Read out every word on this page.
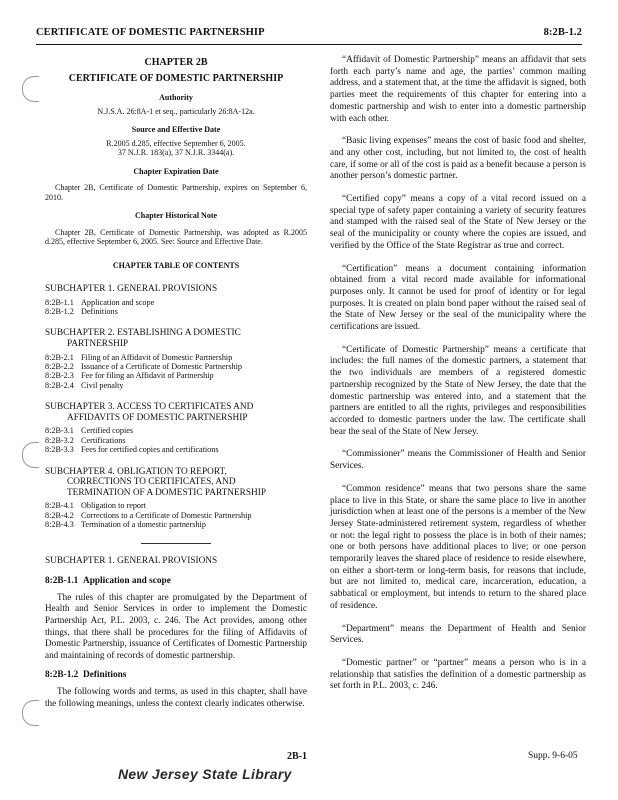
CERTIFICATE OF DOMESTIC PARTNERSHIP	8:2B-1.2
CHAPTER 2B
CERTIFICATE OF DOMESTIC PARTNERSHIP
Authority
N.J.S.A. 26:8A-1 et seq., particularly 26:8A-12a.
Source and Effective Date
R.2005 d.285, effective September 6, 2005.
37 N.J.R. 183(a), 37 N.J.R. 3344(a).
Chapter Expiration Date
Chapter 2B, Certificate of Domestic Partnership, expires on September 6, 2010.
Chapter Historical Note
Chapter 2B, Certificate of Domestic Partnership, was adopted as R.2005 d.285, effective September 6, 2005. See: Source and Effective Date.
CHAPTER TABLE OF CONTENTS
SUBCHAPTER 1. GENERAL PROVISIONS
8:2B-1.1 Application and scope
8:2B-1.2 Definitions
SUBCHAPTER 2. ESTABLISHING A DOMESTIC
PARTNERSHIP
8:2B-2.1 Filing of an Affidavit of Domestic Partnership
8:2B-2.2 Issuance of a Certificate of Domestic Partnership
8:2B-2.3 Fee for filing an Affidavit of Partnership
8:2B-2.4 Civil penalty
SUBCHAPTER 3. ACCESS TO CERTIFICATES AND
AFFIDAVITS OF DOMESTIC PARTNERSHIP
8:2B-3.1 Certified copies
8:2B-3.2 Certifications
8:2B-3.3 Fees for certified copies and certifications
SUBCHAPTER 4. OBLIGATION TO REPORT,
CORRECTIONS TO CERTIFICATES, AND
TERMINATION OF A DOMESTIC PARTNERSHIP
8:2B-4.1 Obligation to report
8:2B-4.2 Corrections to a Certificate of Domestic Partnership
8:2B-4.3 Termination of a domestic partnership
SUBCHAPTER 1. GENERAL PROVISIONS
8:2B-1.1 Application and scope
The rules of this chapter are promulgated by the Department of Health and Senior Services in order to implement the Domestic Partnership Act, P.L. 2003, c. 246. The Act provides, among other things, that there shall be procedures for the filing of Affidavits of Domestic Partnership, issuance of Certificates of Domestic Partnership and maintaining of records of domestic partnership.
8:2B-1.2 Definitions
The following words and terms, as used in this chapter, shall have the following meanings, unless the context clearly indicates otherwise.
“Affidavit of Domestic Partnership” means an affidavit that sets forth each party’s name and age, the parties’ common mailing address, and a statement that, at the time the affidavit is signed, both parties meet the requirements of this chapter for entering into a domestic partnership and wish to enter into a domestic partnership with each other.
“Basic living expenses” means the cost of basic food and shelter, and any other cost, including, but not limited to, the cost of health care, if some or all of the cost is paid as a benefit because a person is another person’s domestic partner.
“Certified copy” means a copy of a vital record issued on a special type of safety paper containing a variety of security features and stamped with the raised seal of the State of New Jersey or the seal of the municipality or county where the copies are issued, and verified by the Office of the State Registrar as true and correct.
“Certification” means a document containing information obtained from a vital record made available for informational purposes only. It cannot be used for proof of identity or for legal purposes. It is created on plain bond paper without the raised seal of the State of New Jersey or the seal of the municipality where the certifications are issued.
“Certificate of Domestic Partnership” means a certificate that includes: the full names of the domestic partners, a statement that the two individuals are members of a registered domestic partnership recognized by the State of New Jersey, the date that the domestic partnership was entered into, and a statement that the partners are entitled to all the rights, privileges and responsibilities accorded to domestic partners under the law. The certificate shall bear the seal of the State of New Jersey.
“Commissioner” means the Commissioner of Health and Senior Services.
“Common residence” means that two persons share the same place to live in this State, or share the same place to live in another jurisdiction when at least one of the persons is a member of the New Jersey State-administered retirement system, regardless of whether or not: the legal right to possess the place is in both of their names; one or both persons have additional places to live; or one person temporarily leaves the shared place of residence to reside elsewhere, on either a short-term or long-term basis, for reasons that include, but are not limited to, medical care, incarceration, education, a sabbatical or employment, but intends to return to the shared place of residence.
“Department” means the Department of Health and Senior Services.
“Domestic partner” or “partner” means a person who is in a relationship that satisfies the definition of a domestic partnership as set forth in P.L. 2003, c. 246.
2B-1	Supp. 9-6-05
New Jersey State Library
